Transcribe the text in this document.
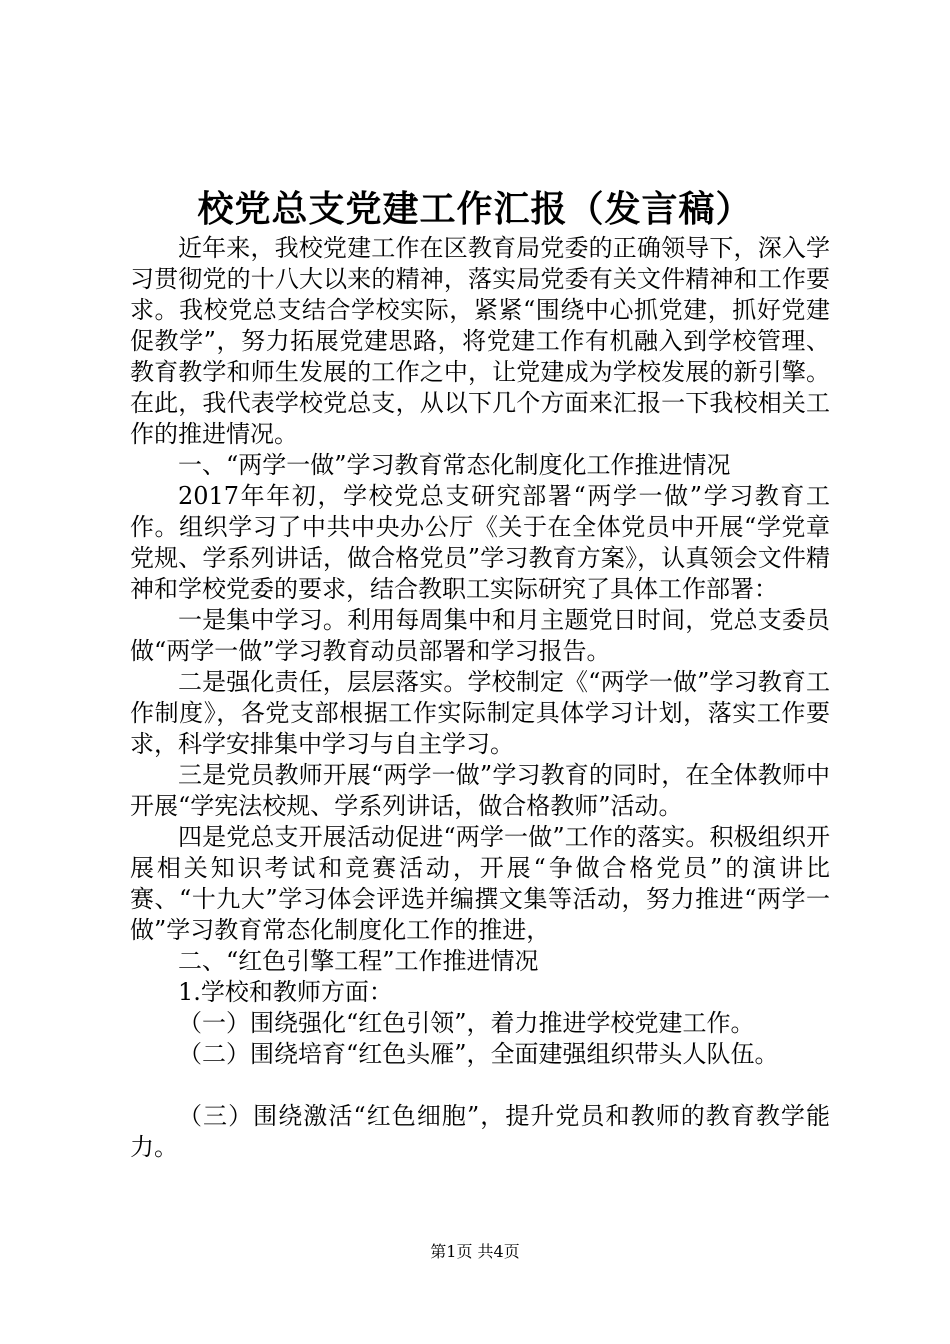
校党总支党建工作汇报（发言稿）

近年来，我校党建工作在区教育局党委的正确领导下，深入学习贯彻党的十八大以来的精神，落实局党委有关文件精神和工作要求。我校党总支结合学校实际，紧紧“围绕中心抓党建，抓好党建促教学”，努力拓展党建思路，将党建工作有机融入到学校管理、教育教学和师生发展的工作之中，让党建成为学校发展的新引擎。在此，我代表学校党总支，从以下几个方面来汇报一下我校相关工作的推进情况。

一、“两学一做”学习教育常态化制度化工作推进情况

2017年年初，学校党总支研究部署“两学一做”学习教育工作。组织学习了中共中央办公厅《关于在全体党员中开展“学党章党规、学系列讲话，做合格党员”学习教育方案》，认真领会文件精神和学校党委的要求，结合教职工实际研究了具体工作部署：

一是集中学习。利用每周集中和月主题党日时间，党总支委员做“两学一做”学习教育动员部署和学习报告。

二是强化责任，层层落实。学校制定《“两学一做”学习教育工作制度》，各党支部根据工作实际制定具体学习计划，落实工作要求，科学安排集中学习与自主学习。

三是党员教师开展“两学一做”学习教育的同时，在全体教师中开展“学宪法校规、学系列讲话，做合格教师”活动。

四是党总支开展活动促进“两学一做”工作的落实。积极组织开展相关知识考试和竞赛活动，开展“争做合格党员”的演讲比赛、“十九大”学习体会评选并编撰文集等活动，努力推进“两学一做”学习教育常态化制度化工作的推进，

二、“红色引擎工程”工作推进情况

1.学校和教师方面：

（一）围绕强化“红色引领”，着力推进学校党建工作。

（二）围绕培育“红色头雁”，全面建强组织带头人队伍。

（三）围绕激活“红色细胞”，提升党员和教师的教育教学能力。

第1页 共4页
